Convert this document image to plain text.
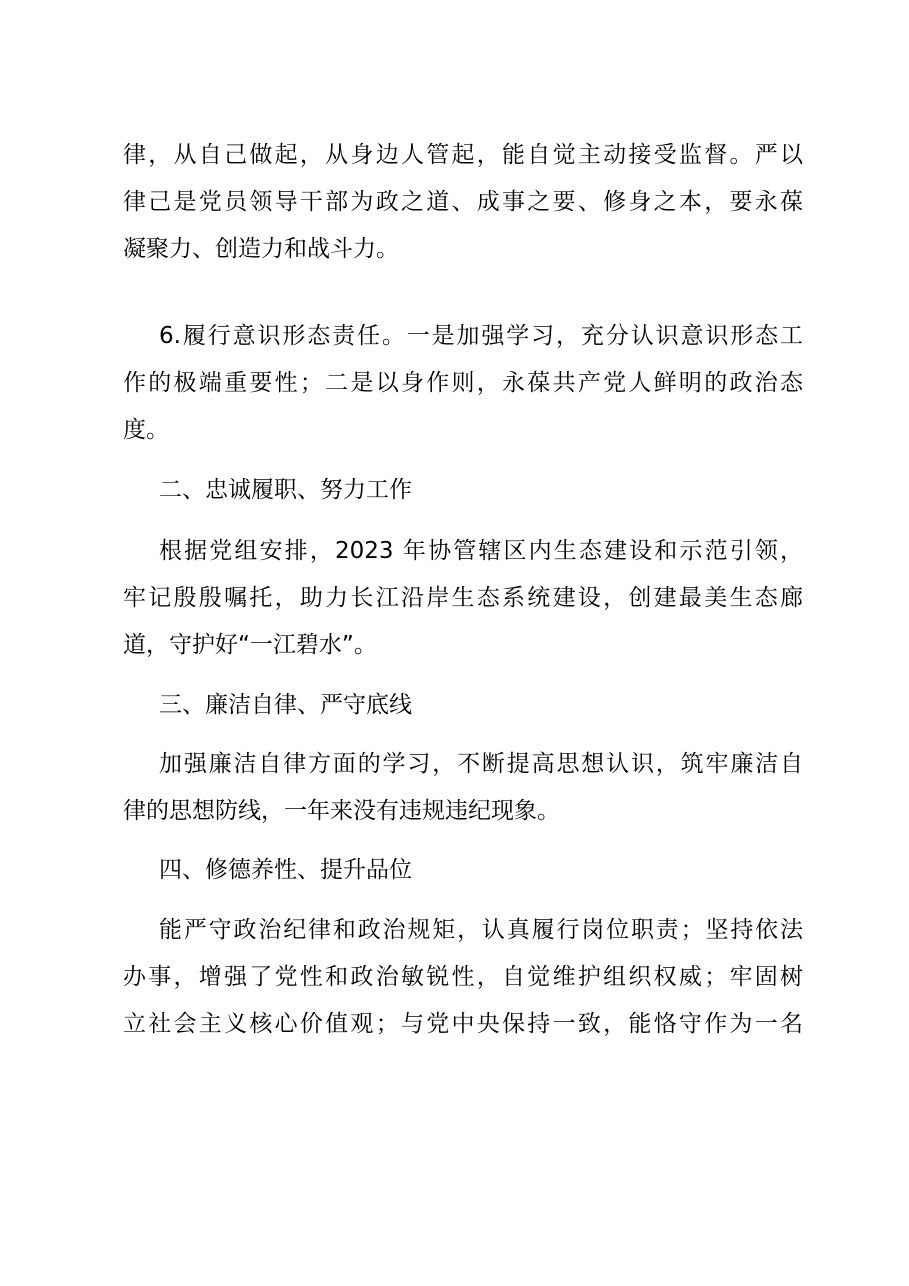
律，从自己做起，从身边人管起，能自觉主动接受监督。严以
律己是党员领导干部为政之道、成事之要、修身之本，要永葆
凝聚力、创造力和战斗力。
6.履行意识形态责任。一是加强学习，充分认识意识形态工
作的极端重要性；二是以身作则，永葆共产党人鲜明的政治态
度。
二、忠诚履职、努力工作
根据党组安排，2023 年协管辖区内生态建设和示范引领，
牢记殷殷嘱托，助力长江沿岸生态系统建设，创建最美生态廊
道，守护好“一江碧水”。
三、廉洁自律、严守底线
加强廉洁自律方面的学习，不断提高思想认识，筑牢廉洁自
律的思想防线，一年来没有违规违纪现象。
四、修德养性、提升品位
能严守政治纪律和政治规矩，认真履行岗位职责；坚持依法
办事，增强了党性和政治敏锐性，自觉维护组织权威；牢固树
立社会主义核心价值观；与党中央保持一致，能恪守作为一名
